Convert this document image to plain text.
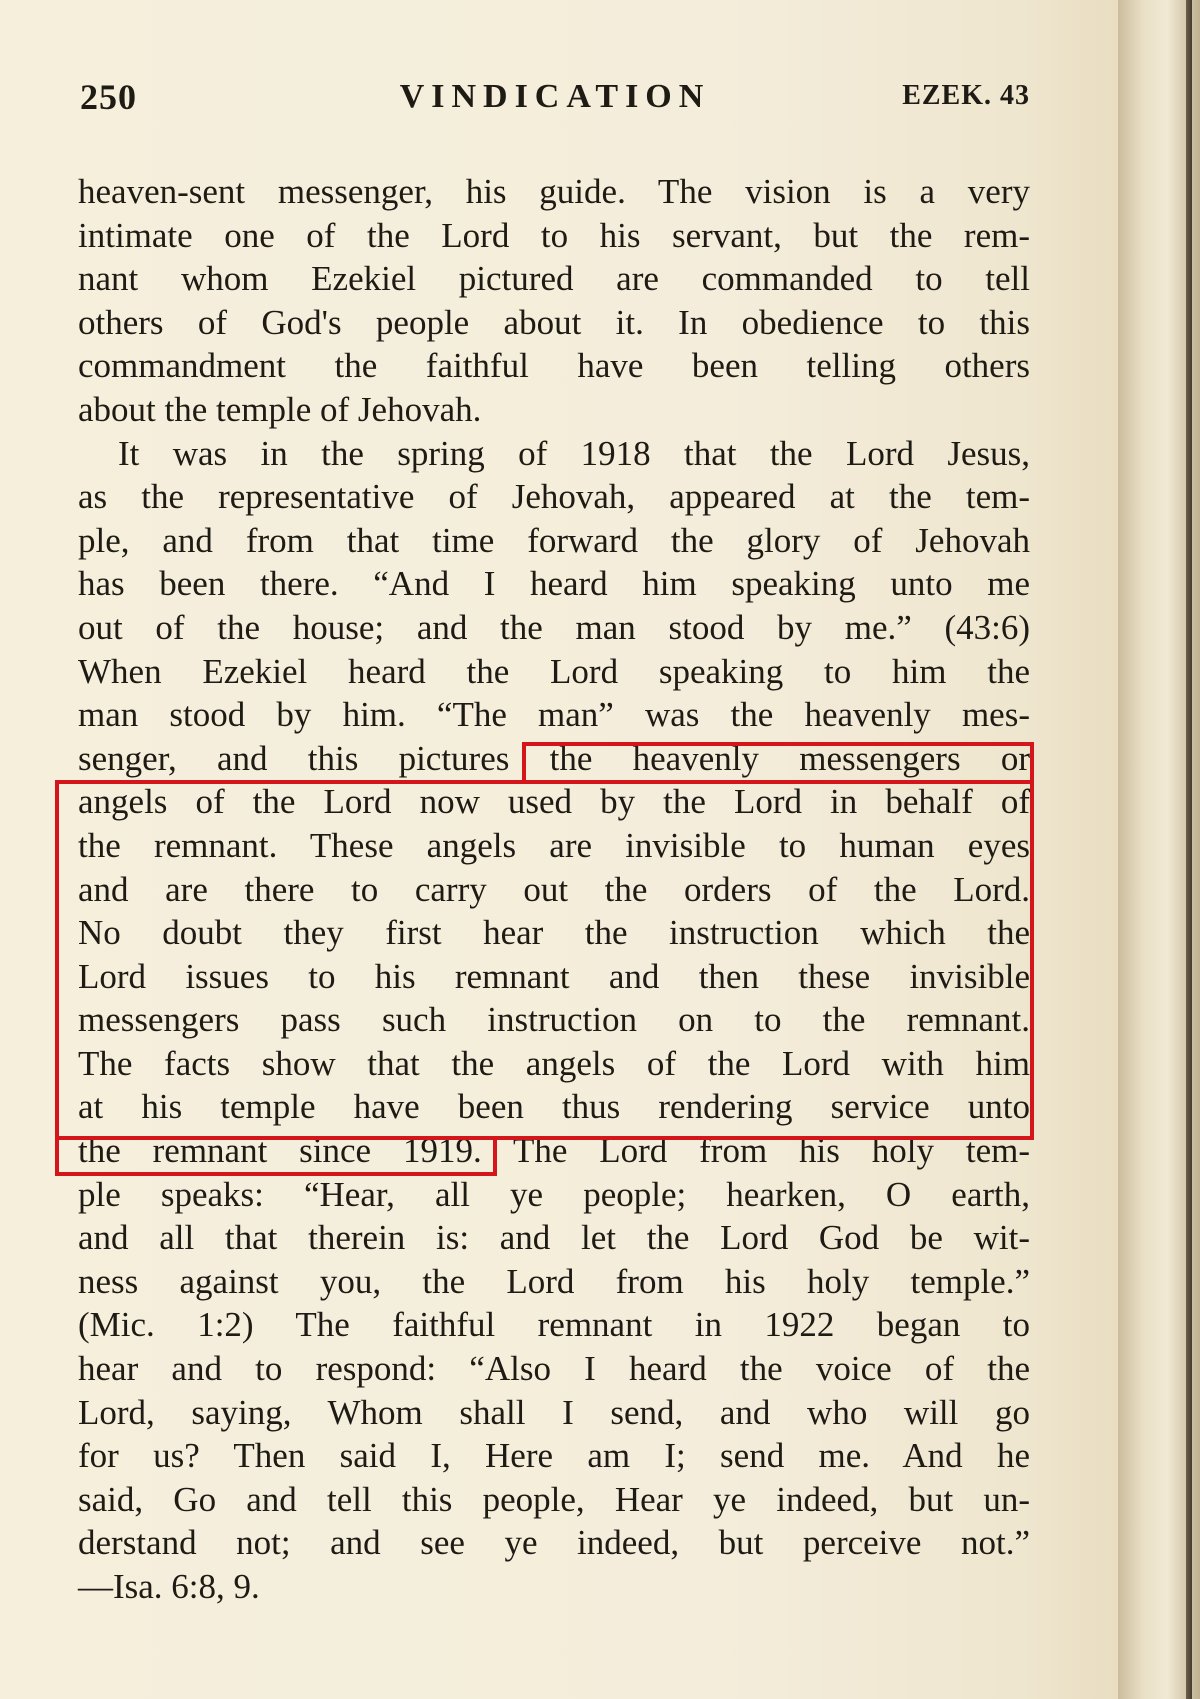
250	VINDICATION	EZEK. 43
heaven-sent messenger, his guide. The vision is a very
intimate one of the Lord to his servant, but the rem-
nant whom Ezekiel pictured are commanded to tell
others of God's people about it. In obedience to this
commandment the faithful have been telling others
about the temple of Jehovah.
It was in the spring of 1918 that the Lord Jesus,
as the representative of Jehovah, appeared at the tem-
ple, and from that time forward the glory of Jehovah
has been there. “And I heard him speaking unto me
out of the house; and the man stood by me.” (43:6)
When Ezekiel heard the Lord speaking to him the
man stood by him. “The man” was the heavenly mes-
senger, and this pictures the heavenly messengers or
angels of the Lord now used by the Lord in behalf of
the remnant. These angels are invisible to human eyes
and are there to carry out the orders of the Lord.
No doubt they first hear the instruction which the
Lord issues to his remnant and then these invisible
messengers pass such instruction on to the remnant.
The facts show that the angels of the Lord with him
at his temple have been thus rendering service unto
the remnant since 1919. The Lord from his holy tem-
ple speaks: “Hear, all ye people; hearken, O earth,
and all that therein is: and let the Lord God be wit-
ness against you, the Lord from his holy temple.”
(Mic. 1:2) The faithful remnant in 1922 began to
hear and to respond: “Also I heard the voice of the
Lord, saying, Whom shall I send, and who will go
for us? Then said I, Here am I; send me. And he
said, Go and tell this people, Hear ye indeed, but un-
derstand not; and see ye indeed, but perceive not.”
—Isa. 6:8, 9.
